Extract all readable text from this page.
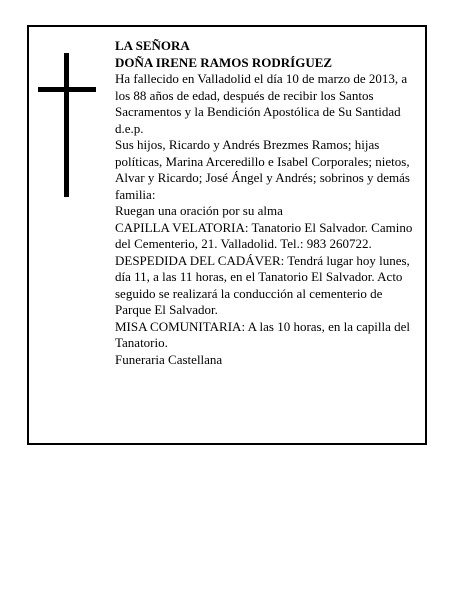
LA SEÑORA

DOÑA IRENE RAMOS RODRÍGUEZ

Ha fallecido en Valladolid el día 10 de marzo de 2013, a los 88 años de edad, después de recibir los Santos Sacramentos y la Bendición Apostólica de Su Santidad d.e.p.

Sus hijos, Ricardo y Andrés Brezmes Ramos; hijas políticas, Marina Arceredillo e Isabel Corporales; nietos, Alvar y Ricardo; José Ángel y Andrés; sobrinos y demás familia:

Ruegan una oración por su alma

CAPILLA VELATORIA: Tanatorio El Salvador. Camino del Cementerio, 21. Valladolid. Tel.: 983 260722.

DESPEDIDA DEL CADÁVER: Tendrá lugar hoy lunes, día 11, a las 11 horas, en el Tanatorio El Salvador. Acto seguido se realizará la conducción al cementerio de Parque El Salvador.

MISA COMUNITARIA: A las 10 horas, en la capilla del Tanatorio.

Funeraria Castellana
